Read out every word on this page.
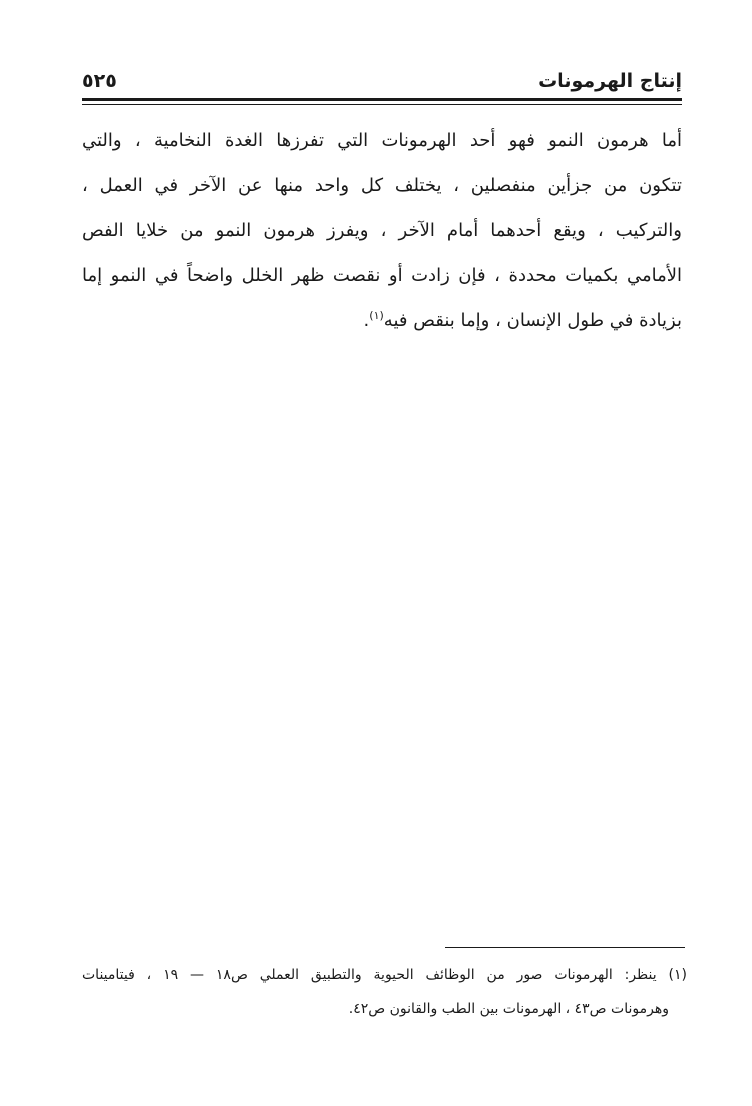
إنتاج الهرمونات
٥٢٥
أما هرمون النمو فهو أحد الهرمونات التي تفرزها الغدة النخامية ، والتي
تتكون من جزأين منفصلين ، يختلف كل واحد منها عن الآخر في العمل ،
والتركيب ، ويقع أحدهما أمام الآخر ، ويفرز هرمون النمو من خلايا الفص
الأمامي بكميات محددة ، فإن زادت أو نقصت ظهر الخلل واضحاً في النمو إما
بزيادة في طول الإنسان ، وإما بنقص فيه$^{(١)}$.
(١) ينظر: الهرمونات صور من الوظائف الحيوية والتطبيق العملي ص١٨ — ١٩ ، فيتامينات
وهرمونات ص٤٣ ، الهرمونات بين الطب والقانون ص٤٢.
